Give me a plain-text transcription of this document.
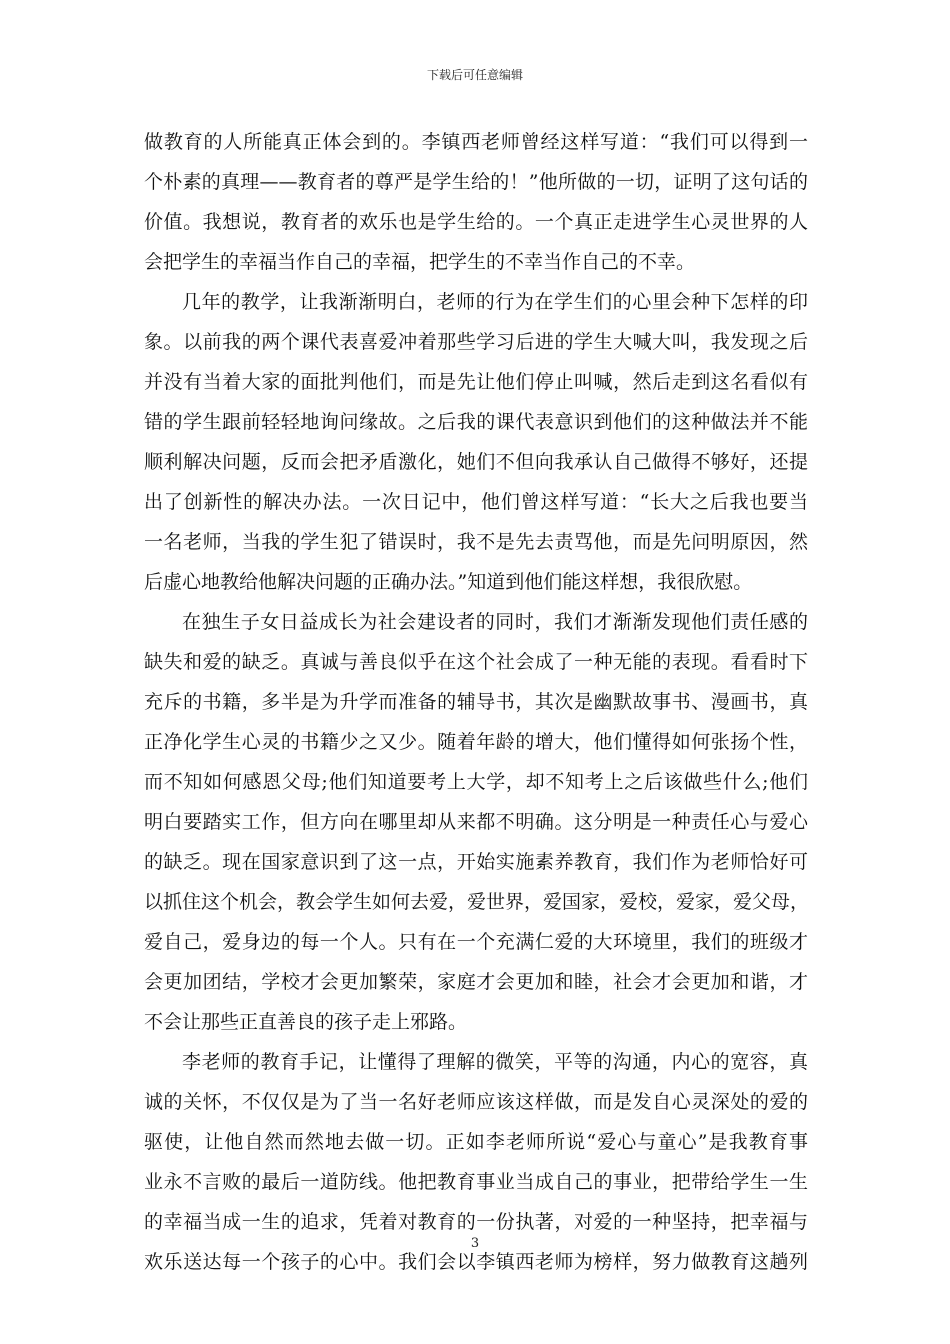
下载后可任意编辑
做教育的人所能真正体会到的。李镇西老师曾经这样写道：“我们可以得到一
个朴素的真理——教育者的尊严是学生给的！”他所做的一切，证明了这句话的
价值。我想说，教育者的欢乐也是学生给的。一个真正走进学生心灵世界的人
会把学生的幸福当作自己的幸福，把学生的不幸当作自己的不幸。
几年的教学，让我渐渐明白，老师的行为在学生们的心里会种下怎样的印
象。以前我的两个课代表喜爱冲着那些学习后进的学生大喊大叫，我发现之后
并没有当着大家的面批判他们，而是先让他们停止叫喊，然后走到这名看似有
错的学生跟前轻轻地询问缘故。之后我的课代表意识到他们的这种做法并不能
顺利解决问题，反而会把矛盾激化，她们不但向我承认自己做得不够好，还提
出了创新性的解决办法。一次日记中，他们曾这样写道：“长大之后我也要当
一名老师，当我的学生犯了错误时，我不是先去责骂他，而是先问明原因，然
后虚心地教给他解决问题的正确办法。”知道到他们能这样想，我很欣慰。
在独生子女日益成长为社会建设者的同时，我们才渐渐发现他们责任感的
缺失和爱的缺乏。真诚与善良似乎在这个社会成了一种无能的表现。看看时下
充斥的书籍，多半是为升学而准备的辅导书，其次是幽默故事书、漫画书，真
正净化学生心灵的书籍少之又少。随着年龄的增大，他们懂得如何张扬个性，
而不知如何感恩父母;他们知道要考上大学，却不知考上之后该做些什么;他们
明白要踏实工作，但方向在哪里却从来都不明确。这分明是一种责任心与爱心
的缺乏。现在国家意识到了这一点，开始实施素养教育，我们作为老师恰好可
以抓住这个机会，教会学生如何去爱，爱世界，爱国家，爱校，爱家，爱父母，
爱自己，爱身边的每一个人。只有在一个充满仁爱的大环境里，我们的班级才
会更加团结，学校才会更加繁荣，家庭才会更加和睦，社会才会更加和谐，才
不会让那些正直善良的孩子走上邪路。
李老师的教育手记，让懂得了理解的微笑，平等的沟通，内心的宽容，真
诚的关怀，不仅仅是为了当一名好老师应该这样做，而是发自心灵深处的爱的
驱使，让他自然而然地去做一切。正如李老师所说“爱心与童心”是我教育事
业永不言败的最后一道防线。他把教育事业当成自己的事业，把带给学生一生
的幸福当成一生的追求，凭着对教育的一份执著，对爱的一种坚持，把幸福与
欢乐送达每一个孩子的心中。我们会以李镇西老师为榜样，努力做教育这趟列
3
